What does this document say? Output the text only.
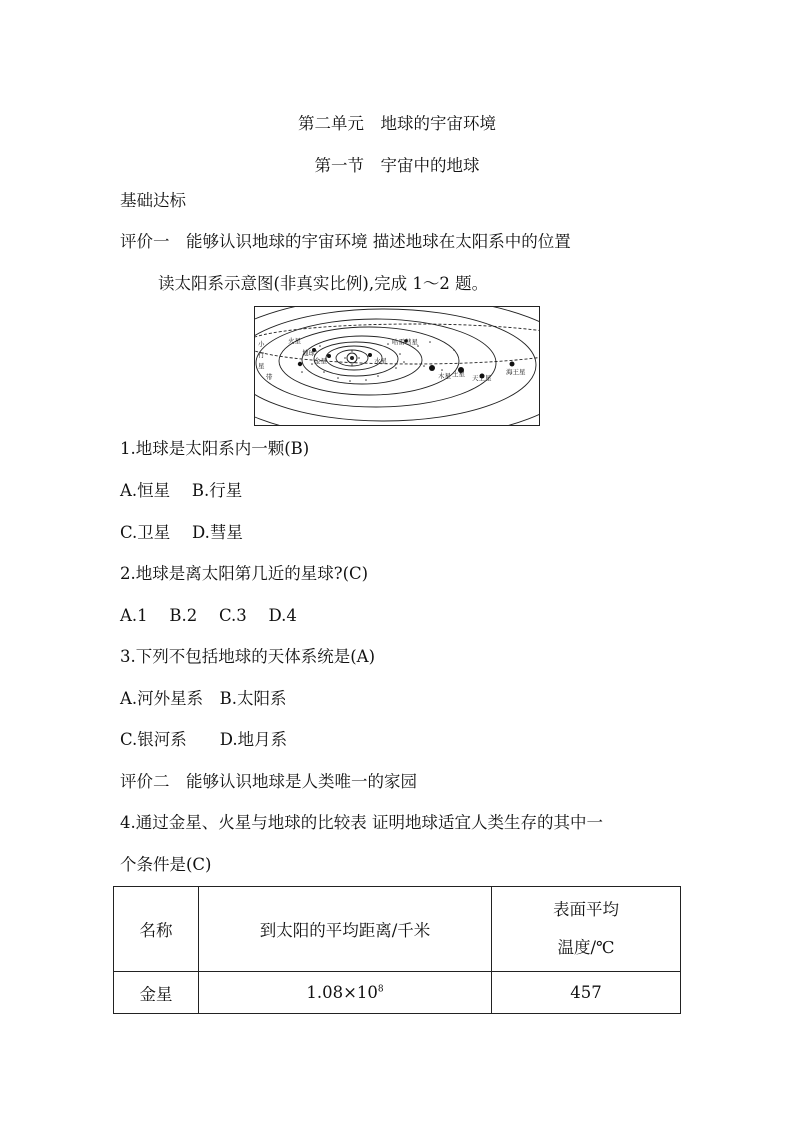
第二单元　地球的宇宙环境
第一节　宇宙中的地球
基础达标
评价一　能够认识地球的宇宙环境 描述地球在太阳系中的位置
读太阳系示意图(非真实比例),完成 1～2 题。
小
行
星
带
火星
地球
金星	水星
哈雷彗星
木星 土星 天王星
海王星
1.地球是太阳系内一颗(B)
A.恒星　 B.行星
C.卫星　 D.彗星
2.地球是离太阳第几近的星球?(C)
A.1　 B.2　 C.3　 D.4
3.下列不包括地球的天体系统是(A)
A.河外星系　B.太阳系
C.银河系　　D.地月系
评价二　能够认识地球是人类唯一的家园
4.通过金星、火星与地球的比较表 证明地球适宜人类生存的其中一
个条件是(C)
名称	到太阳的平均距离/千米	表面平均
温度/℃

金星	$1.08\times 10^8$	457
